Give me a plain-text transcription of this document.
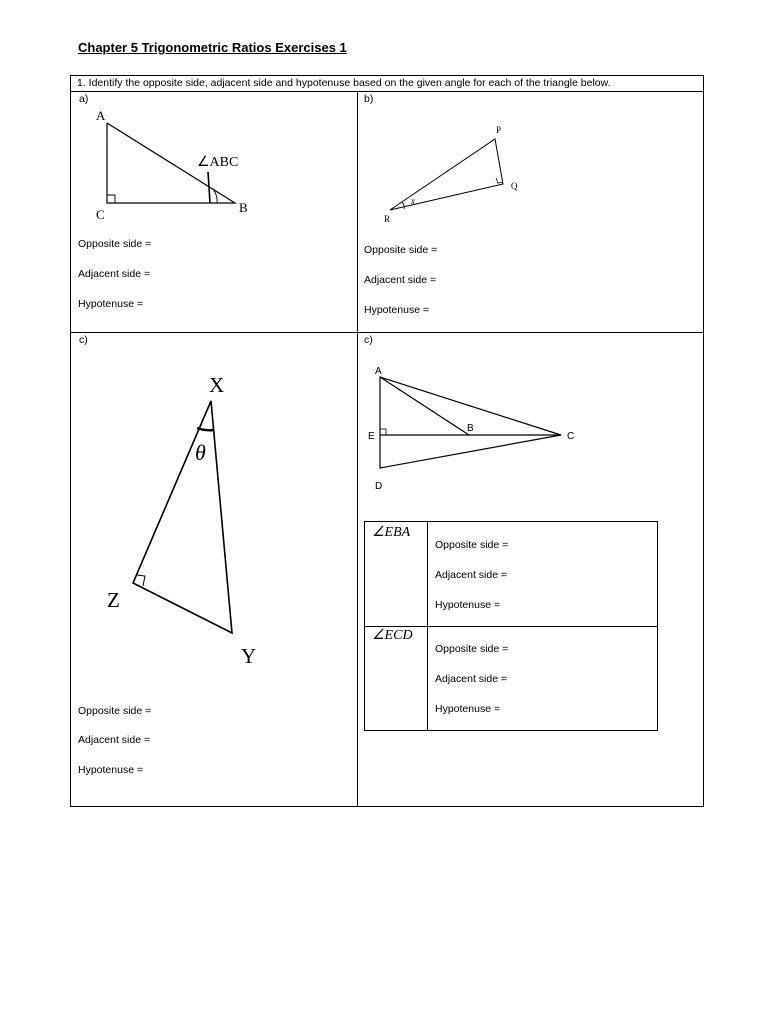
Chapter 5 Trigonometric Ratios Exercises 1
1. Identify the opposite side, adjacent side and hypotenuse based on the given angle for each of the triangle below.
a)
A
C	B
∠ABC
Opposite side =
Adjacent side =
Hypotenuse =
b)
P
Q
R
x
Opposite side =
Adjacent side =
Hypotenuse =
c)
X
Z
Y
θ
Opposite side =
Adjacent side =
Hypotenuse =
c)
A
B
C
E
D
∠EBA
Opposite side =
Adjacent side =
Hypotenuse =
∠ECD
Opposite side =
Adjacent side =
Hypotenuse =
